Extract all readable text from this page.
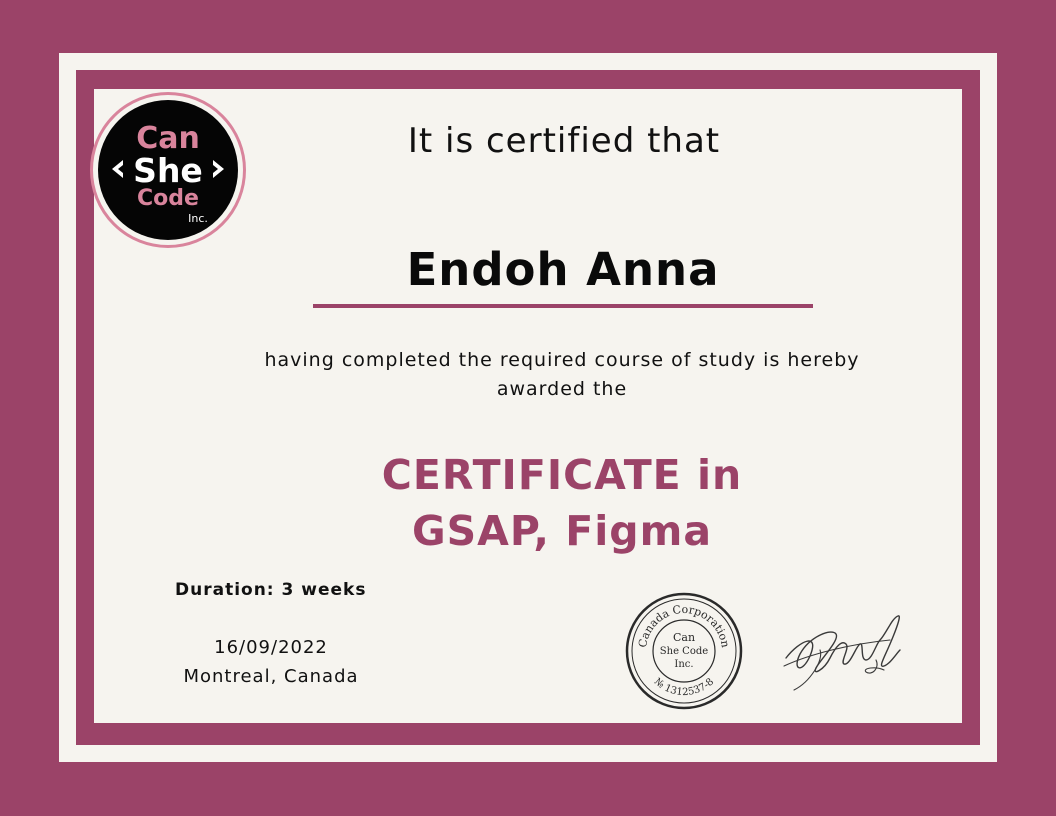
Can
She
Code
Inc.
It is certified that
Endoh Anna
having completed the required course of study is hereby
awarded the
CERTIFICATE in
GSAP, Figma
Duration: 3 weeks
16/09/2022
Montreal, Canada
Canada Corporation
№ 1312537-8
Can
She Code
Inc.
